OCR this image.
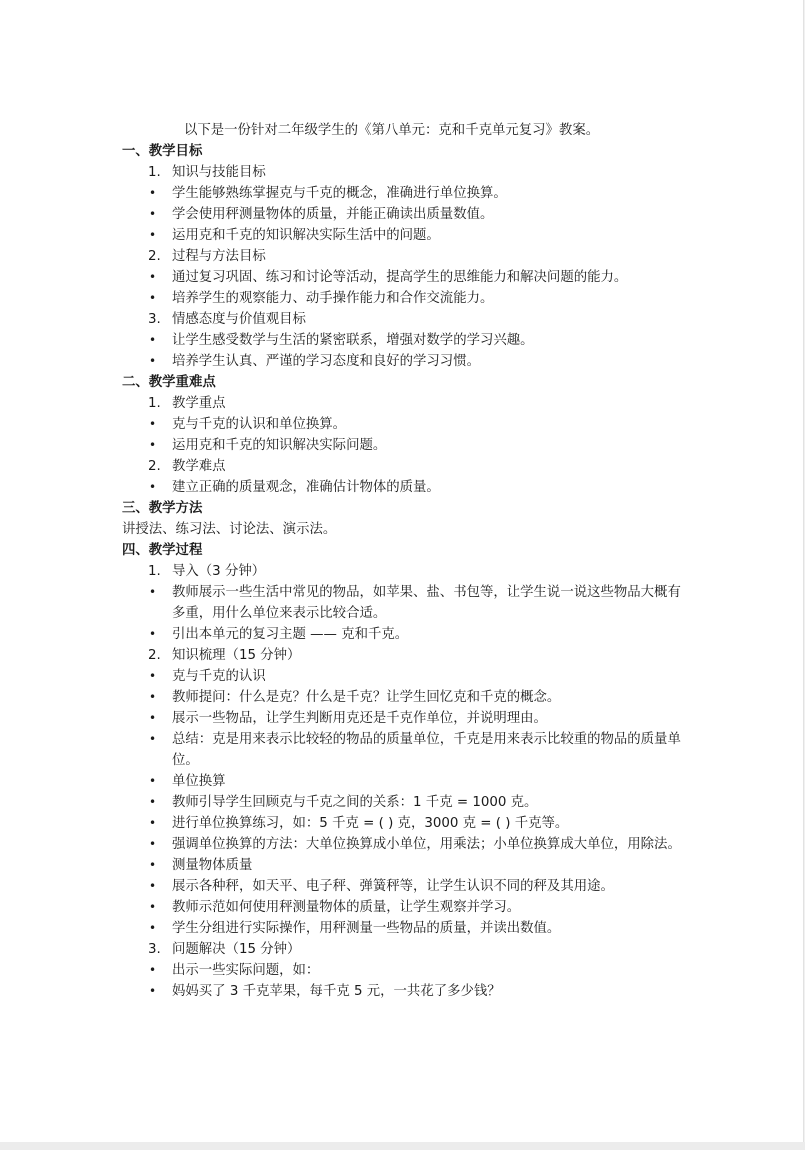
以下是一份针对二年级学生的《第八单元：克和千克单元复习》教案。
一、教学目标
1. 知识与技能目标
• 学生能够熟练掌握克与千克的概念，准确进行单位换算。
• 学会使用秤测量物体的质量，并能正确读出质量数值。
• 运用克和千克的知识解决实际生活中的问题。
2. 过程与方法目标
• 通过复习巩固、练习和讨论等活动，提高学生的思维能力和解决问题的能力。
• 培养学生的观察能力、动手操作能力和合作交流能力。
3. 情感态度与价值观目标
• 让学生感受数学与生活的紧密联系，增强对数学的学习兴趣。
• 培养学生认真、严谨的学习态度和良好的学习习惯。
二、教学重难点
1. 教学重点
• 克与千克的认识和单位换算。
• 运用克和千克的知识解决实际问题。
2. 教学难点
• 建立正确的质量观念，准确估计物体的质量。
三、教学方法
讲授法、练习法、讨论法、演示法。
四、教学过程
1. 导入（3 分钟）
• 教师展示一些生活中常见的物品，如苹果、盐、书包等，让学生说一说这些物品大概有多重，用什么单位来表示比较合适。
• 引出本单元的复习主题 —— 克和千克。
2. 知识梳理（15 分钟）
• 克与千克的认识
• 教师提问：什么是克？什么是千克？让学生回忆克和千克的概念。
• 展示一些物品，让学生判断用克还是千克作单位，并说明理由。
• 总结：克是用来表示比较轻的物品的质量单位，千克是用来表示比较重的物品的质量单位。
• 单位换算
• 教师引导学生回顾克与千克之间的关系：1 千克 = 1000 克。
• 进行单位换算练习，如：5 千克 = ( ) 克，3000 克 = ( ) 千克等。
• 强调单位换算的方法：大单位换算成小单位，用乘法；小单位换算成大单位，用除法。
• 测量物体质量
• 展示各种秤，如天平、电子秤、弹簧秤等，让学生认识不同的秤及其用途。
• 教师示范如何使用秤测量物体的质量，让学生观察并学习。
• 学生分组进行实际操作，用秤测量一些物品的质量，并读出数值。
3. 问题解决（15 分钟）
• 出示一些实际问题，如：
• 妈妈买了 3 千克苹果，每千克 5 元，一共花了多少钱？
